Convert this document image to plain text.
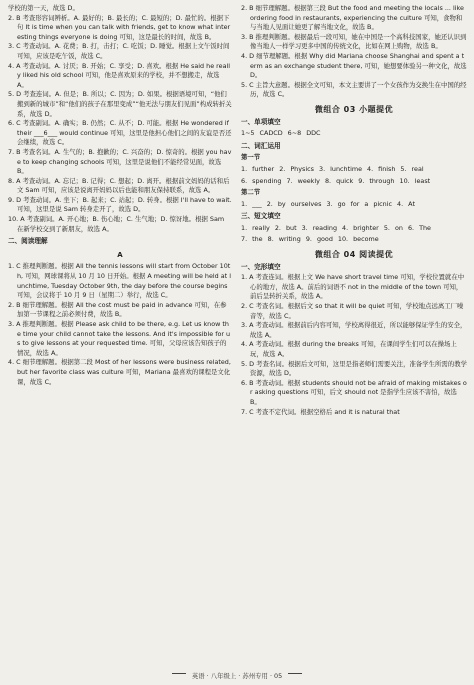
学校的第一天，故选 D。

2. B 考查形容词辨析。A. 最好的；B. 最长的；C. 最短的；D. 最忙的。根据下句 It is time when you can talk with friends, get to know what interesting things everyone is doing 可知，这是最长的时间，故选 B。

3. C 考查动词。A. 花费；B. 打，击打；C. 吃饭；D. 睡觉。根据上文午饭时间可知，应该是吃午饭，故选 C。

4. A 考查动词。A. 讨厌；B. 开始；C. 享受；D. 喜欢。根据 He said he really liked his old school 可知，他是喜欢原来的学校，并不想搬走，故选 A。

5. D 考查连词。A. 但是；B. 所以；C. 因为；D. 如果。根据语境可知，“他们搬到新的城市”和“他们的孩子在那里变成”“他无法与朋友们见面”构成转折关系，故选 D。

6. C 考查副词。A. 确实；B. 仍然；C. 从不；D. 可能。根据 He wondered if their ___6___ would continue 可知，这里是他担心他们之间的友谊是否还会继续，故选 C。

7. B 考查名词。A. 生气的；B. 抱歉的；C. 兴奋的；D. 惊奇的。根据 you have to keep changing schools 可知，这里是说他们不能经常见面，故选 B。

8. A 考查动词。A. 忘记；B. 记得；C. 想起；D. 离开。根据前文妈妈的话和后文 Sam 可知，应该是说离开妈妈以后也能和朋友保持联系，故选 A。

9. D 考查动词。A. 坐下；B. 起来；C. 站起；D. 转身。根据 I'll have to wait. 可知，这里是说 Sam 转身走开了，故选 D。

10. A 考查副词。A. 开心地；B. 伤心地；C. 生气地；D. 惊讶地。根据 Sam 在新学校交到了新朋友，故选 A。

二、阅读理解
A

1. C 推理判断题。根据 All the tennis lessons will start from October 10th, 可知，网球课将从 10 月 10 日开始。根据 A meeting will be held at lunchtime, Tuesday October 9th, the day before the course begins 可知，会议将于 10 月 9 日（星期二）举行，故选 C。

2. B 细节理解题。根据 All the cost must be paid in advance 可知，在参加第一节课程之前必须付费，故选 B。

3. A 推理判断题。根据 Please ask child to be there, e.g. Let us know the time your child cannot take the lessons. And it's impossible for us to give lessons at your requested time. 可知，父母应该告知孩子的情况，故选 A。

4. C 细节理解题。根据第二段 Most of her lessons were business related, but her favorite class was culture 可知，Mariana 最喜欢的课程是文化课，故选 C。

2. B 细节理解题。根据第三段 But the food and meeting the locals ... like ordering food in restaurants, experiencing the culture 可知，食物和与当地人见面让她更了解当地文化，故选 B。

3. B 推理判断题。根据最后一段可知，她在中国是一个高科技国家，她还认识到像当地人一样学习更多中国的传统文化，比如在网上购物，故选 B。

4. D 细节理解题。根据 Why did Mariana choose Shanghai and spent a term as an exchange student there, 可知，她想要体验另一种文化，故选 D。

5. C 主旨大意题。根据全文可知，本文主要讲了一个女孩作为交换生在中国的经历，故选 C。

微组合 03 小题提优
一、单项填空
1~5 CADCD 6~8 DDC
二、词汇运用
第一节
1. further 2. Physics 3. lunchtime 4. finish 5. real
6. spending 7. weekly 8. quick 9. through 10. least
第二节
1. ___ 2. by ourselves 3. go for a picnic 4. At
三、短文填空
1. really 2. but 3. reading 4. brighter 5. on 6. The
7. the 8. writing 9. good 10. become
微组合 04 阅读提优
一、完形填空

1. A 考查连词。根据上文 We have short travel time 可知，学校位置就在中心的地方，故选 A。前后的词语不 not in the middle of the town 可知，前后呈转折关系，故选 A。

2. C 考查名词。根据后文 so that it will be quiet 可知，学校地点远离工厂噪音等，故选 C。

3. A 考查动词。根据前后内容可知，学校离得很近，所以能够保证学生的安全，故选 A。

4. A 考查动词。根据 during the breaks 可知，在课间学生们可以在操场上玩，故选 A。

5. D 考查名词。根据后文可知，这里是指老师们需要关注，准备学生所需的教学资源，故选 D。

6. B 考查动词。根据 students should not be afraid of making mistakes or asking questions 可知，后文 should not 是指学生应该不害怕，故选 B。

7. C 考查不定代词。根据空格后 and it is natural that

英语 · 八年级上 · 苏州专用 · 05
